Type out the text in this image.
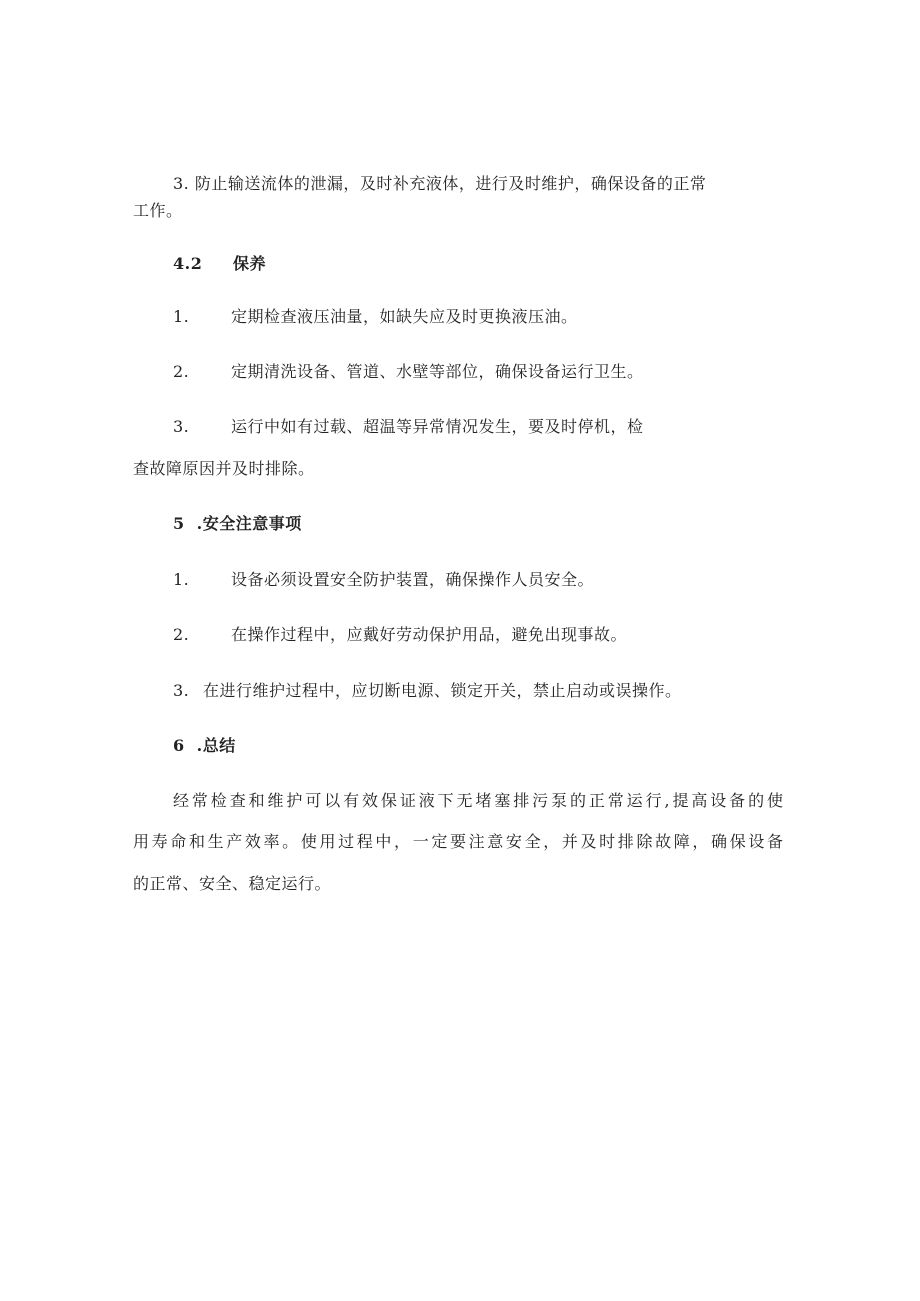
3. 防止输送流体的泄漏，及时补充液体，进行及时维护，确保设备的正常
工作。
4.2 保养
1.	定期检查液压油量，如缺失应及时更换液压油。
2.	定期清洗设备、管道、水壁等部位，确保设备运行卫生。
3.	运行中如有过载、超温等异常情况发生，要及时停机，检
查故障原因并及时排除。
5 .安全注意事项
1.	设备必须设置安全防护装置，确保操作人员安全。
2.	在操作过程中，应戴好劳动保护用品，避免出现事故。
3. 在进行维护过程中，应切断电源、锁定开关，禁止启动或误操作。
6 .总结
经常检查和维护可以有效保证液下无堵塞排污泵的正常运行,提高设备的使
用寿命和生产效率。使用过程中，一定要注意安全，并及时排除故障，确保设备
的正常、安全、稳定运行。
